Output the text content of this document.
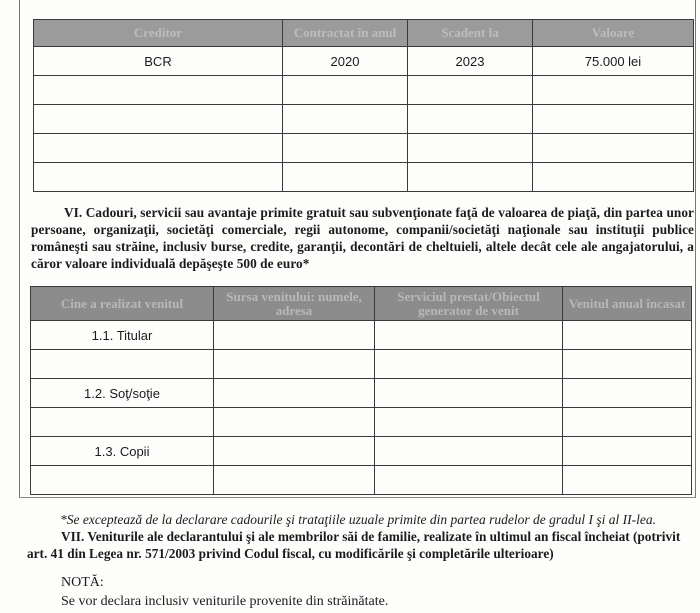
Creditor	Contractat în anul	Scadent la	Valoare
BCR	2020	2023	75.000 lei

VI. Cadouri, servicii sau avantaje primite gratuit sau subvenţionate faţă de valoarea de piaţă, din partea unor persoane, organizaţii, societăţi comerciale, regii autonome, companii/societăţi naţionale sau instituţii publice româneşti sau străine, inclusiv burse, credite, garanţii, decontări de cheltuieli, altele decât cele ale angajatorului, a căror valoare individuală depăşeşte 500 de euro*
Cine a realizat venitul	Sursa venitului: numele, adresa	Serviciul prestat/Obiectul generator de venit	Venitul anual încasat
1.1. Titular			

1.2. Soţ/soţie			

1.3. Copii			

*Se exceptează de la declarare cadourile şi trataţiile uzuale primite din partea rudelor de gradul I şi al II-lea.
VII. Veniturile ale declarantului şi ale membrilor săi de familie, realizate în ultimul an fiscal încheiat (potrivit art. 41 din Legea nr. 571/2003 privind Codul fiscal, cu modificările şi completările ulterioare)
NOTĂ:
Se vor declara inclusiv veniturile provenite din străinătate.
